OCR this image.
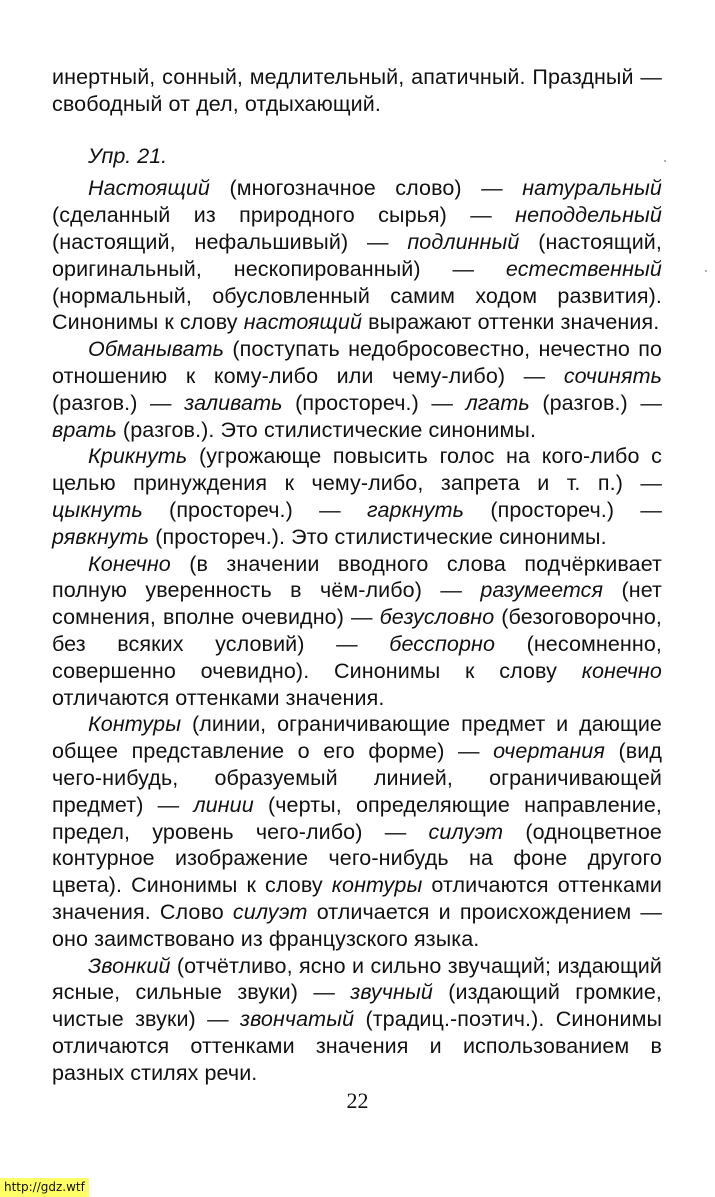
инертный, сонный, медлительный, апатичный. Праздный — свободный от дел, отдыхающий.

Упр. 21.

Настоящий (многозначное слово) — натуральный (сделанный из природного сырья) — неподдельный (настоящий, нефальшивый) — подлинный (настоящий, оригинальный, нескопированный) — естественный (нормальный, обусловленный самим ходом развития). Синонимы к слову настоящий выражают оттенки значения.

Обманывать (поступать недобросовестно, нечестно по отношению к кому-либо или чему-либо) — сочинять (разгов.) — заливать (простореч.) — лгать (разгов.) — врать (разгов.). Это стилистические синонимы.

Крикнуть (угрожающе повысить голос на кого-либо с целью принуждения к чему-либо, запрета и т. п.) — цыкнуть (простореч.) — гаркнуть (простореч.) — рявкнуть (простореч.). Это стилистические синонимы.

Конечно (в значении вводного слова подчёркивает полную уверенность в чём-либо) — разумеется (нет сомнения, вполне очевидно) — безусловно (безоговорочно, без всяких условий) — бесспорно (несомненно, совершенно очевидно). Синонимы к слову конечно отличаются оттенками значения.

Контуры (линии, ограничивающие предмет и дающие общее представление о его форме) — очертания (вид чего-нибудь, образуемый линией, ограничивающей предмет) — линии (черты, определяющие направление, предел, уровень чего-либо) — силуэт (одноцветное контурное изображение чего-нибудь на фоне другого цвета). Синонимы к слову контуры отличаются оттенками значения. Слово силуэт отличается и происхождением — оно заимствовано из французского языка.

Звонкий (отчётливо, ясно и сильно звучащий; издающий ясные, сильные звуки) — звучный (издающий громкие, чистые звуки) — звончатый (традиц.-поэтич.). Синонимы отличаются оттенками значения и использованием в разных стилях речи.

22
http://gdz.wtf
